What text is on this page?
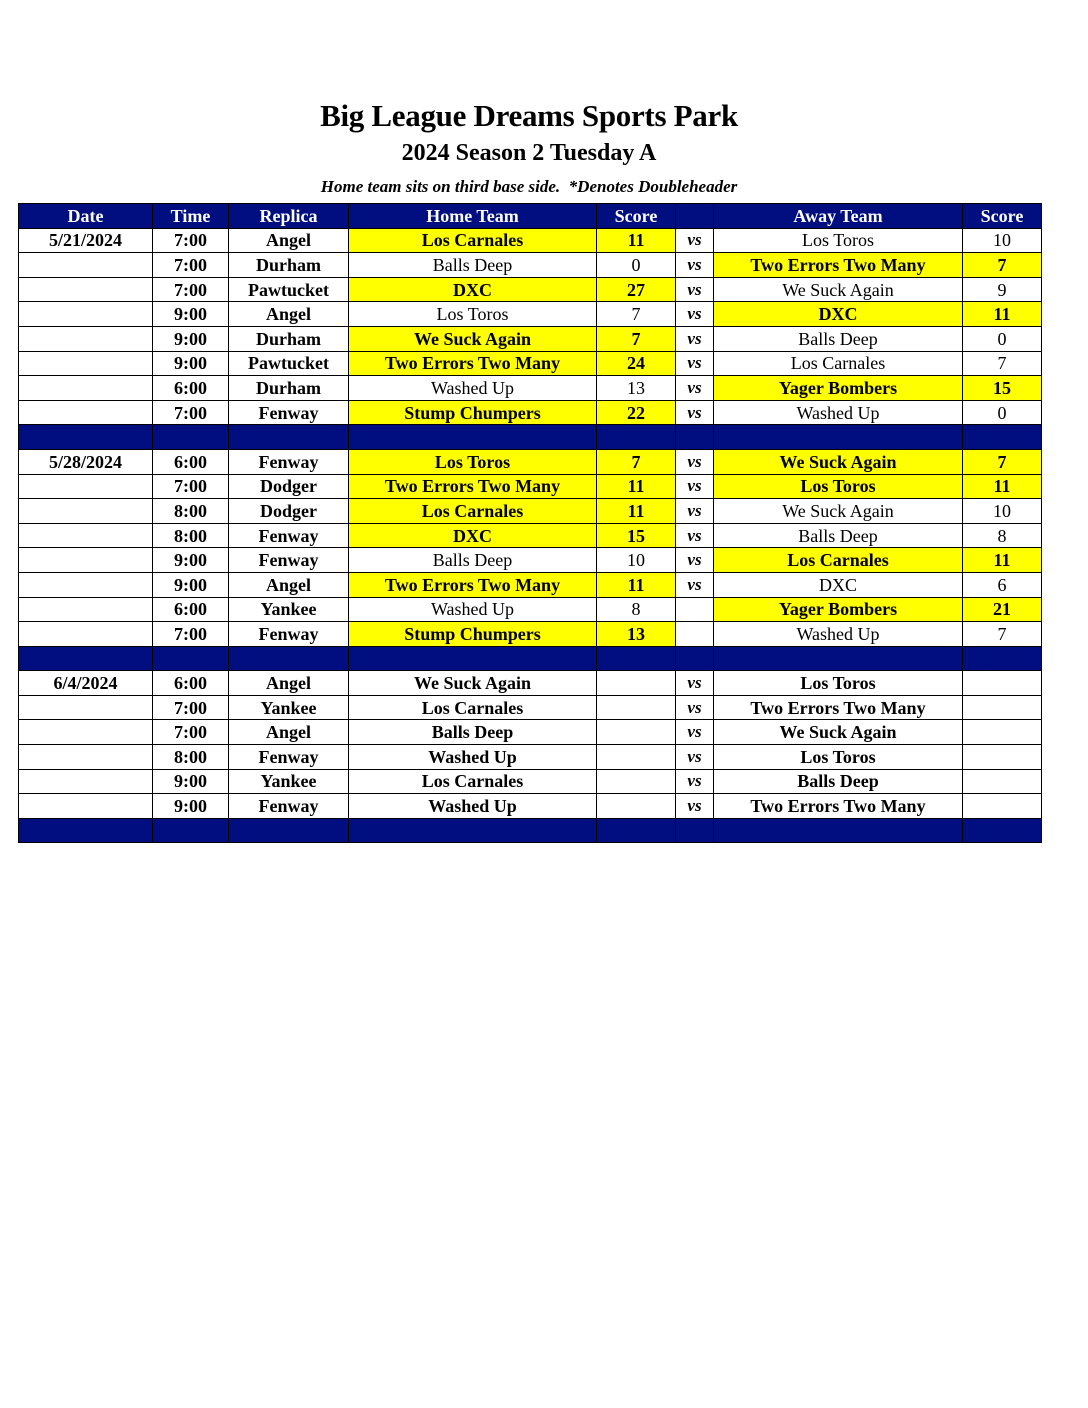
Big League Dreams Sports Park
2024 Season 2 Tuesday A
Home team sits on third base side.  *Denotes Doubleheader
Date	Time	Replica	Home Team	Score		Away Team	Score
5/21/2024	7:00	Angel	Los Carnales	11	vs	Los Toros	10
	7:00	Durham	Balls Deep	0	vs	Two Errors Two Many	7
	7:00	Pawtucket	DXC	27	vs	We Suck Again	9
	9:00	Angel	Los Toros	7	vs	DXC	11
	9:00	Durham	We Suck Again	7	vs	Balls Deep	0
	9:00	Pawtucket	Two Errors Two Many	24	vs	Los Carnales	7
	6:00	Durham	Washed Up	13	vs	Yager Bombers	15
	7:00	Fenway	Stump Chumpers	22	vs	Washed Up	0

5/28/2024	6:00	Fenway	Los Toros	7	vs	We Suck Again	7
	7:00	Dodger	Two Errors Two Many	11	vs	Los Toros	11
	8:00	Dodger	Los Carnales	11	vs	We Suck Again	10
	8:00	Fenway	DXC	15	vs	Balls Deep	8
	9:00	Fenway	Balls Deep	10	vs	Los Carnales	11
	9:00	Angel	Two Errors Two Many	11	vs	DXC	6
	6:00	Yankee	Washed Up	8		Yager Bombers	21
	7:00	Fenway	Stump Chumpers	13		Washed Up	7

6/4/2024	6:00	Angel	We Suck Again		vs	Los Toros	
	7:00	Yankee	Los Carnales		vs	Two Errors Two Many	
	7:00	Angel	Balls Deep		vs	We Suck Again	
	8:00	Fenway	Washed Up		vs	Los Toros	
	9:00	Yankee	Los Carnales		vs	Balls Deep	
	9:00	Fenway	Washed Up		vs	Two Errors Two Many	
